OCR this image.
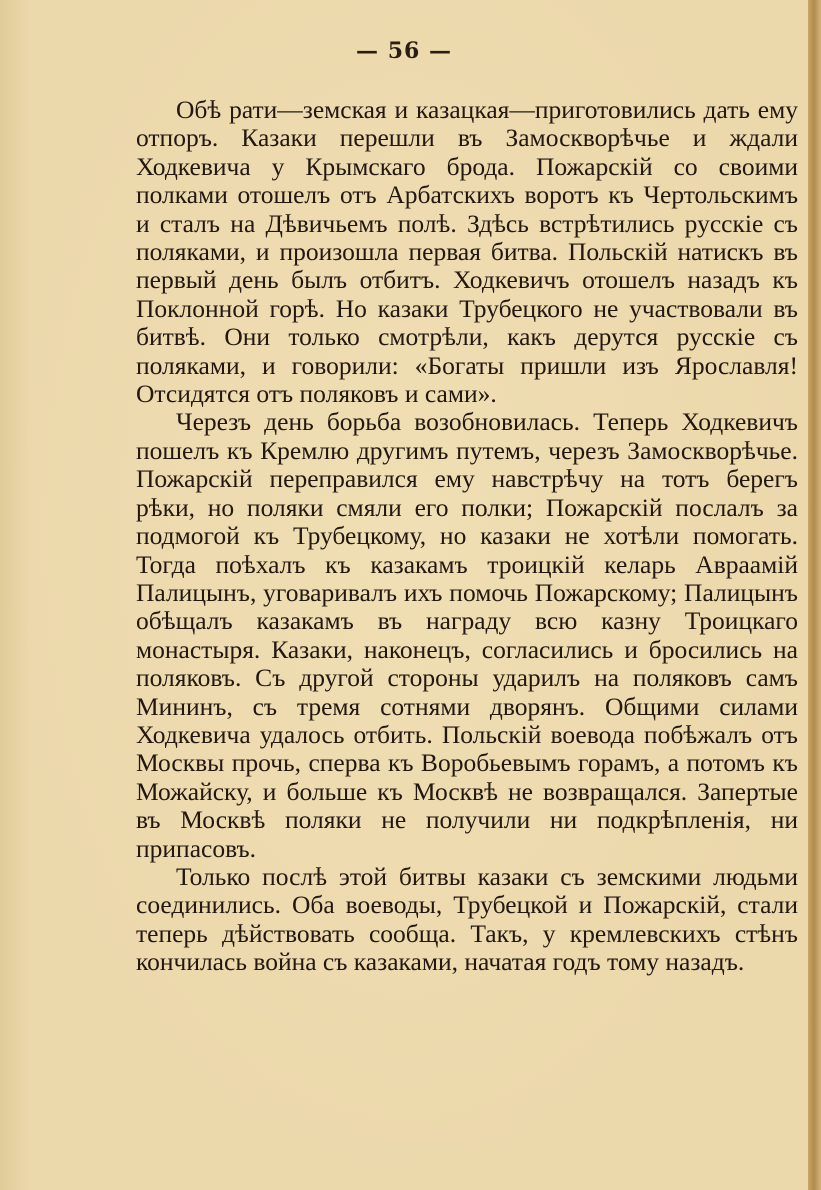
— 56 —

Обѣ рати—земская и казацкая—приготовились дать ему отпоръ. Казаки перешли въ Замоскворѣчье и ждали Ходкевича у Крымскаго брода. Пожарскій со своими полками отошелъ отъ Арбатскихъ воротъ къ Чертольскимъ и сталъ на Дѣвичьемъ полѣ. Здѣсь встрѣтились русскіе съ поляками, и произошла первая битва. Польскій натискъ въ первый день былъ отбитъ. Ходкевичъ отошелъ назадъ къ Поклонной горѣ. Но казаки Трубецкого не участвовали въ битвѣ. Они только смотрѣли, какъ дерутся русскіе съ поляками, и говорили: «Богаты пришли изъ Ярославля! Отсидятся отъ поляковъ и сами».

Черезъ день борьба возобновилась. Теперь Ходкевичъ пошелъ къ Кремлю другимъ путемъ, черезъ Замоскворѣчье. Пожарскій переправился ему навстрѣчу на тотъ берегъ рѣки, но поляки смяли его полки; Пожарскій послалъ за подмогой къ Трубецкому, но казаки не хотѣли помогать. Тогда поѣхалъ къ казакамъ троицкій келарь Авраамій Палицынъ, уговаривалъ ихъ помочь Пожарскому; Палицынъ обѣщалъ казакамъ въ награду всю казну Троицкаго монастыря. Казаки, наконецъ, согласились и бросились на поляковъ. Съ другой стороны ударилъ на поляковъ самъ Мининъ, съ тремя сотнями дворянъ. Общими силами Ходкевича удалось отбить. Польскій воевода побѣжалъ отъ Москвы прочь, сперва къ Воробьевымъ горамъ, а потомъ къ Можайску, и больше къ Москвѣ не возвращался. Запертые въ Москвѣ поляки не получили ни подкрѣпленія, ни припасовъ.

Только послѣ этой битвы казаки съ земскими людьми соединились. Оба воеводы, Трубецкой и Пожарскій, стали теперь дѣйствовать сообща. Такъ, у кремлевскихъ стѣнъ кончилась война съ казаками, начатая годъ тому назадъ.
